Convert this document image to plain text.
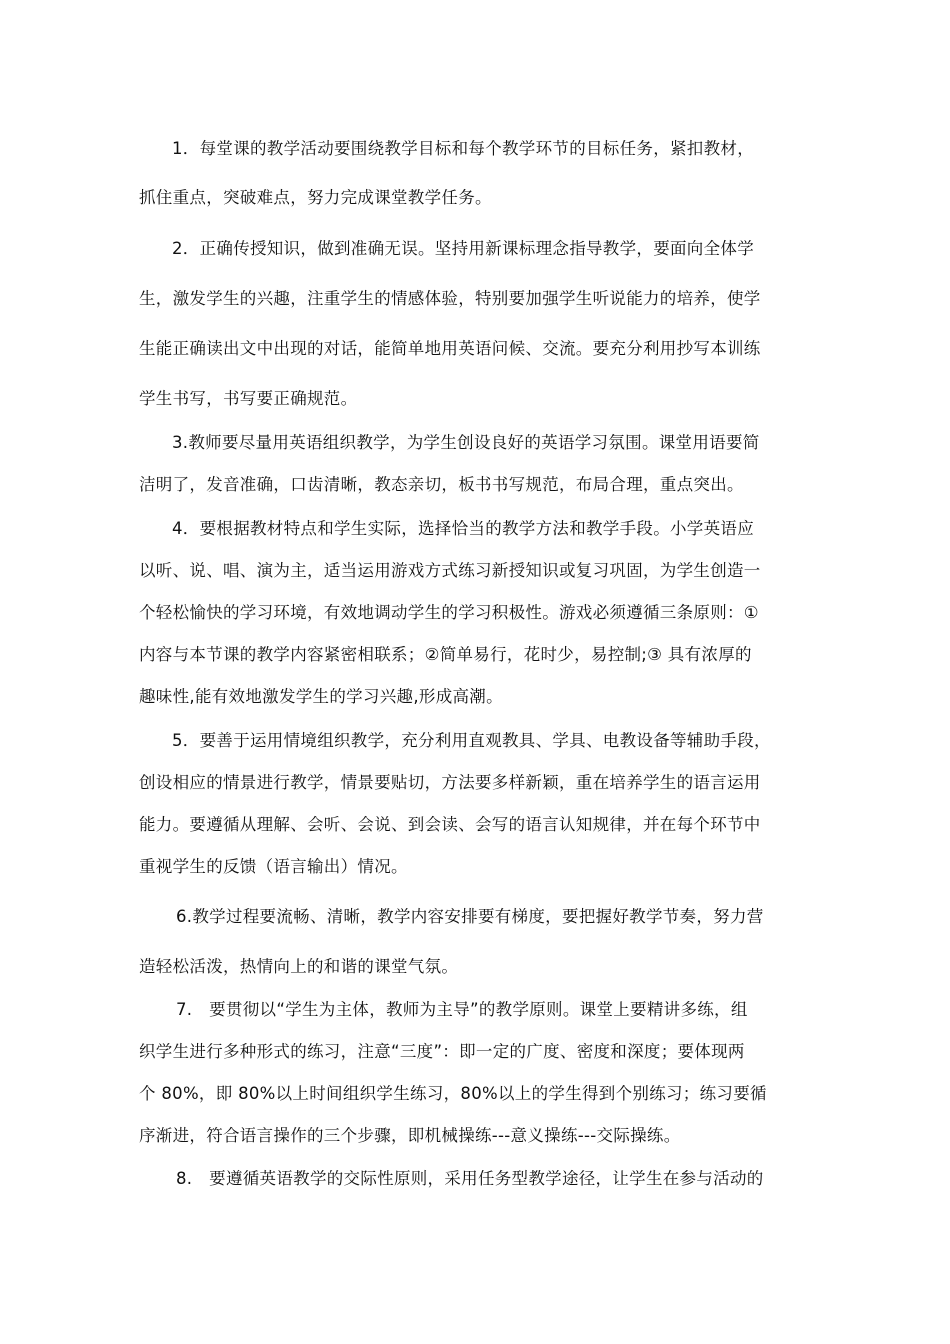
1．每堂课的教学活动要围绕教学目标和每个教学环节的目标任务，紧扣教材，
抓住重点，突破难点，努力完成课堂教学任务。
2．正确传授知识，做到准确无误。坚持用新课标理念指导教学，要面向全体学
生，激发学生的兴趣，注重学生的情感体验，特别要加强学生听说能力的培养，使学
生能正确读出文中出现的对话，能简单地用英语问候、交流。要充分利用抄写本训练
学生书写，书写要正确规范。
3.教师要尽量用英语组织教学，为学生创设良好的英语学习氛围。课堂用语要简
洁明了，发音准确，口齿清晰，教态亲切，板书书写规范，布局合理，重点突出。
4．要根据教材特点和学生实际，选择恰当的教学方法和教学手段。小学英语应
以听、说、唱、演为主，适当运用游戏方式练习新授知识或复习巩固，为学生创造一
个轻松愉快的学习环境，有效地调动学生的学习积极性。游戏必须遵循三条原则：①
内容与本节课的教学内容紧密相联系；②简单易行，花时少，易控制;③ 具有浓厚的
趣味性,能有效地激发学生的学习兴趣,形成高潮。
5．要善于运用情境组织教学，充分利用直观教具、学具、电教设备等辅助手段，
创设相应的情景进行教学，情景要贴切，方法要多样新颖，重在培养学生的语言运用
能力。要遵循从理解、会听、会说、到会读、会写的语言认知规律，并在每个环节中
重视学生的反馈（语言输出）情况。
6.教学过程要流畅、清晰，教学内容安排要有梯度，要把握好教学节奏，努力营
造轻松活泼，热情向上的和谐的课堂气氛。
7.　要贯彻以“学生为主体，教师为主导”的教学原则。课堂上要精讲多练，组
织学生进行多种形式的练习，注意“三度”：即一定的广度、密度和深度；要体现两
个 80%，即 80%以上时间组织学生练习，80%以上的学生得到个别练习；练习要循
序渐进，符合语言操作的三个步骤，即机械操练---意义操练---交际操练。
8.　要遵循英语教学的交际性原则，采用任务型教学途径，让学生在参与活动的
